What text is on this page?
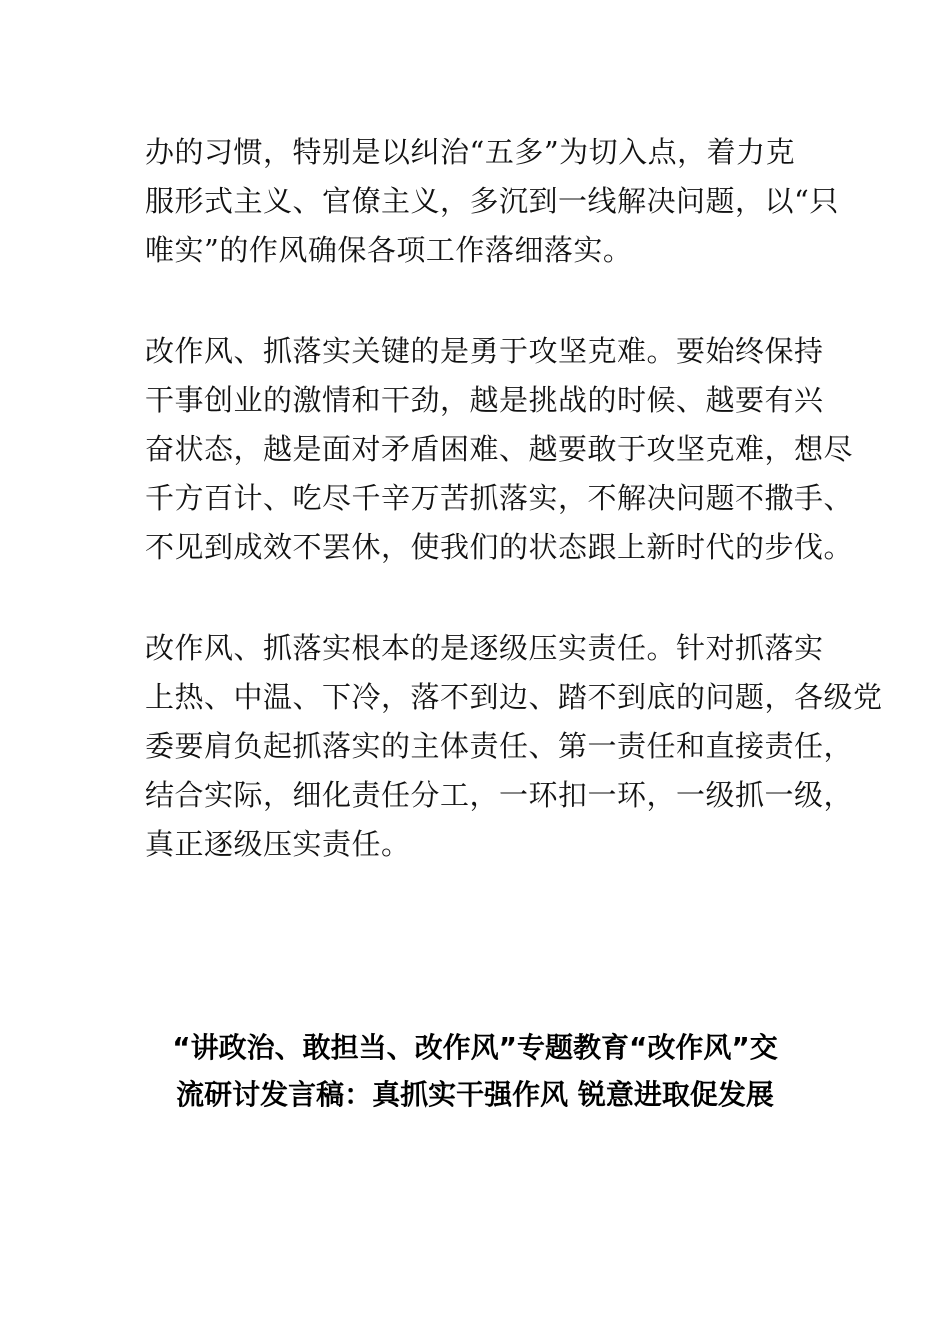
办的习惯，特别是以纠治“五多”为切入点，着力克
服形式主义、官僚主义，多沉到一线解决问题，以“只
唯实”的作风确保各项工作落细落实。

改作风、抓落实关键的是勇于攻坚克难。要始终保持
干事创业的激情和干劲，越是挑战的时候、越要有兴
奋状态，越是面对矛盾困难、越要敢于攻坚克难，想尽
千方百计、吃尽千辛万苦抓落实，不解决问题不撒手、
不见到成效不罢休，使我们的状态跟上新时代的步伐。

改作风、抓落实根本的是逐级压实责任。针对抓落实
上热、中温、下冷，落不到边、踏不到底的问题，各级党
委要肩负起抓落实的主体责任、第一责任和直接责任，
结合实际，细化责任分工，一环扣一环，一级抓一级，
真正逐级压实责任。

“讲政治、敢担当、改作风”专题教育“改作风”交
流研讨发言稿：真抓实干强作风 锐意进取促发展
